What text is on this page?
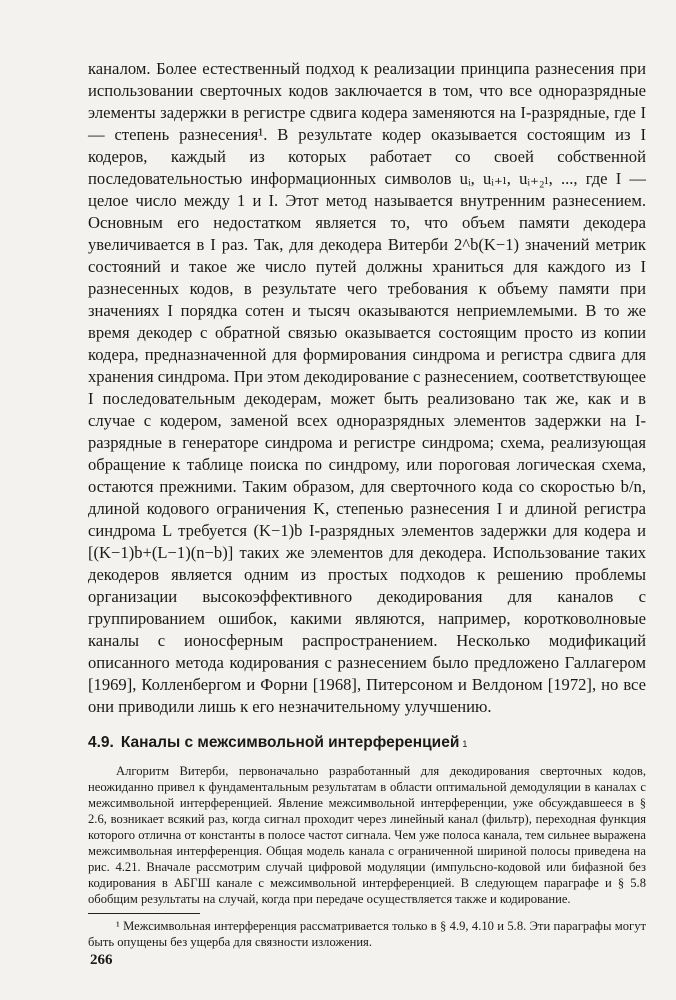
каналом. Более естественный подход к реализации принципа разнесения при использовании сверточных кодов заключается в том, что все одноразрядные элементы задержки в регистре сдвига кодера заменяются на I-разрядные, где I — степень разнесения¹. В результате кодер оказывается состоящим из I кодеров, каждый из которых работает со своей собственной последовательностью информационных символов uᵢ, uᵢ₊ₗ, uᵢ₊₂ₗ, ..., где I — целое число между 1 и I. Этот метод называется внутренним разнесением. Основным его недостатком является то, что объем памяти декодера увеличивается в I раз. Так, для декодера Витерби 2^b(K−1) значений метрик состояний и такое же число путей должны храниться для каждого из I разнесенных кодов, в результате чего требования к объему памяти при значениях I порядка сотен и тысяч оказываются неприемлемыми. В то же время декодер с обратной связью оказывается состоящим просто из копии кодера, предназначенной для формирования синдрома и регистра сдвига для хранения синдрома. При этом декодирование с разнесением, соответствующее I последовательным декодерам, может быть реализовано так же, как и в случае с кодером, заменой всех одноразрядных элементов задержки на I-разрядные в генераторе синдрома и регистре синдрома; схема, реализующая обращение к таблице поиска по синдрому, или пороговая логическая схема, остаются прежними. Таким образом, для сверточного кода со скоростью b/n, длиной кодового ограничения K, степенью разнесения I и длиной регистра синдрома L требуется (K−1)b I-разрядных элементов задержки для кодера и [(K−1)b+(L−1)(n−b)] таких же элементов для декодера. Использование таких декодеров является одним из простых подходов к решению проблемы организации высокоэффективного декодирования для каналов с группированием ошибок, какими являются, например, коротковолновые каналы с ионосферным распространением. Несколько модификаций описанного метода кодирования с разнесением было предложено Галлагером [1969], Колленбергом и Форни [1968], Питерсоном и Велдоном [1972], но все они приводили лишь к его незначительному улучшению.

4.9. Каналы с межсимвольной интерференцией 1

Алгоритм Витерби, первоначально разработанный для декодирования сверточных кодов, неожиданно привел к фундаментальным результатам в области оптимальной демодуляции в каналах с межсимвольной интерференцией. Явление межсимвольной интерференции, уже обсуждавшееся в § 2.6, возникает всякий раз, когда сигнал проходит через линейный канал (фильтр), переходная функция которого отлична от константы в полосе частот сигнала. Чем уже полоса канала, тем сильнее выражена межсимвольная интерференция. Общая модель канала с ограниченной шириной полосы приведена на рис. 4.21. Вначале рассмотрим случай цифровой модуляции (импульсно-кодовой или бифазной без кодирования в АБГШ канале с межсимвольной интерференцией. В следующем параграфе и § 5.8 обобщим результаты на случай, когда при передаче осуществляется также и кодирование.

¹ Межсимвольная интерференция рассматривается только в § 4.9, 4.10 и 5.8. Эти параграфы могут быть опущены без ущерба для связности изложения.

266
